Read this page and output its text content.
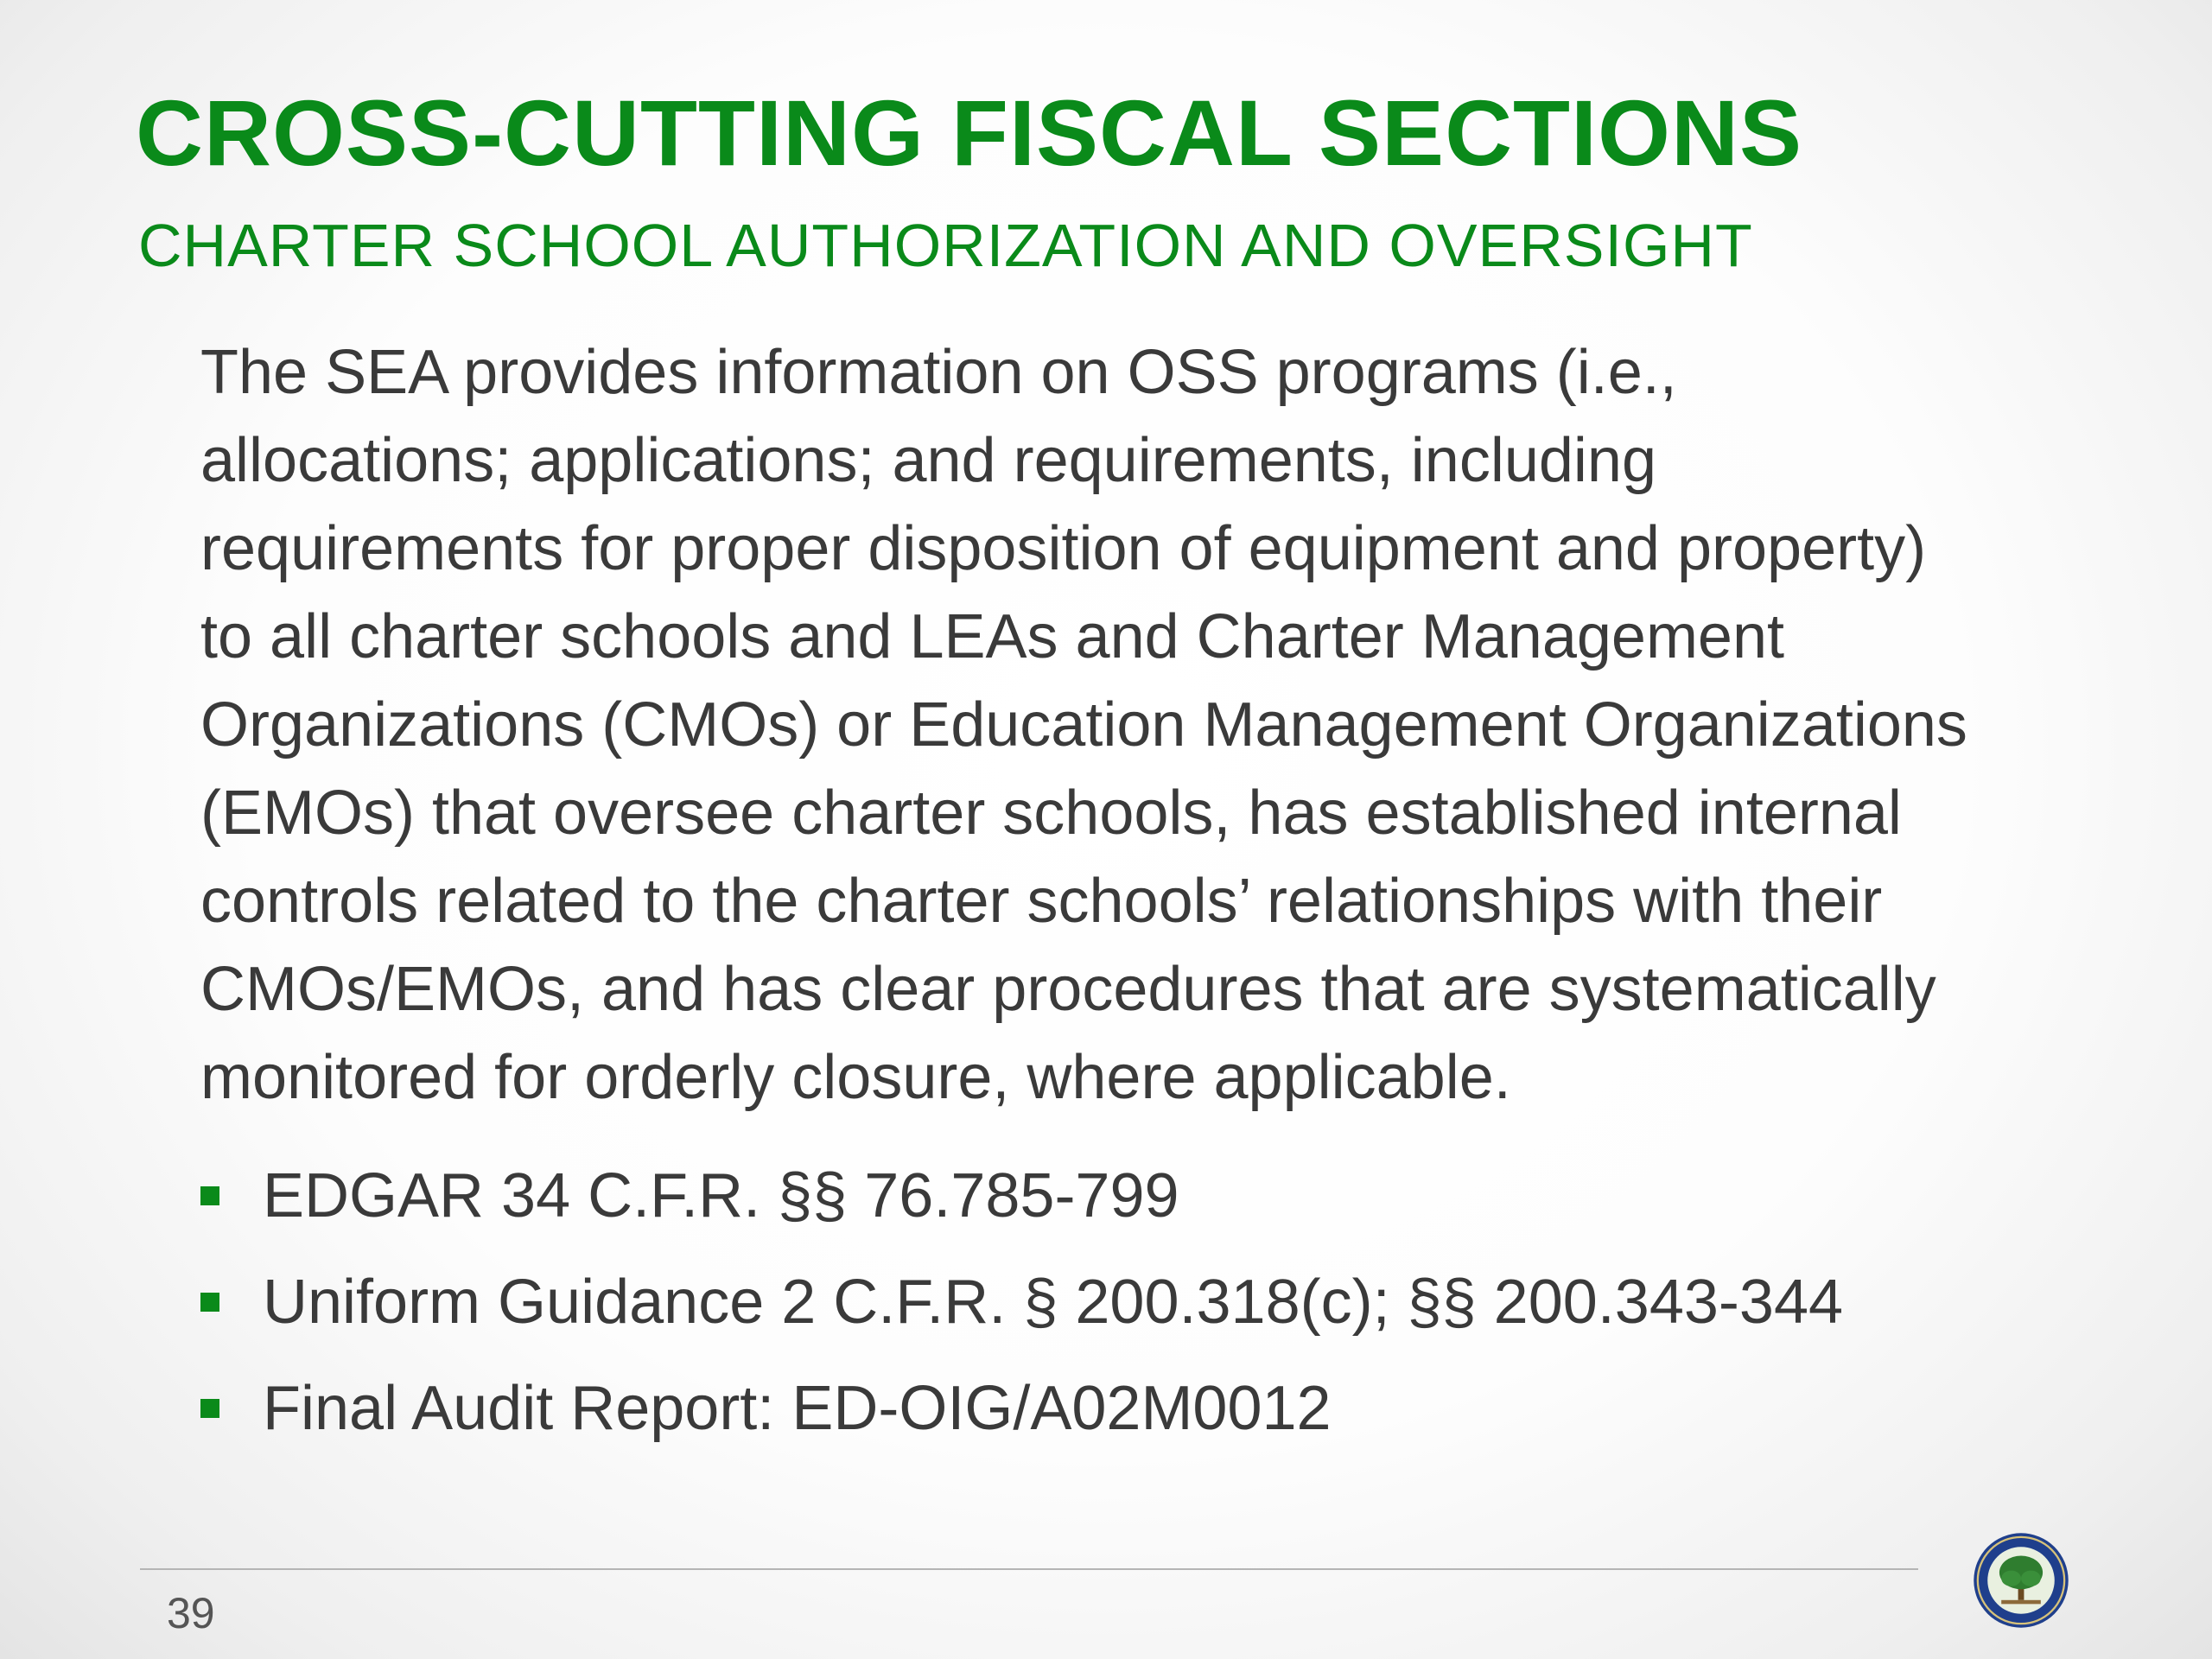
CROSS-CUTTING FISCAL SECTIONS
CHARTER SCHOOL AUTHORIZATION AND OVERSIGHT

The SEA provides information on OSS programs (i.e.,
allocations; applications; and requirements, including
requirements for proper disposition of equipment and property)
to all charter schools and LEAs and Charter Management
Organizations (CMOs) or Education Management Organizations
(EMOs) that oversee charter schools, has established internal
controls related to the charter schools’ relationships with their
CMOs/EMOs, and has clear procedures that are systematically
monitored for orderly closure, where applicable.

EDGAR 34 C.F.R. §§ 76.785-799
Uniform Guidance 2 C.F.R. § 200.318(c); §§ 200.343-344
Final Audit Report: ED-OIG/A02M0012
39
